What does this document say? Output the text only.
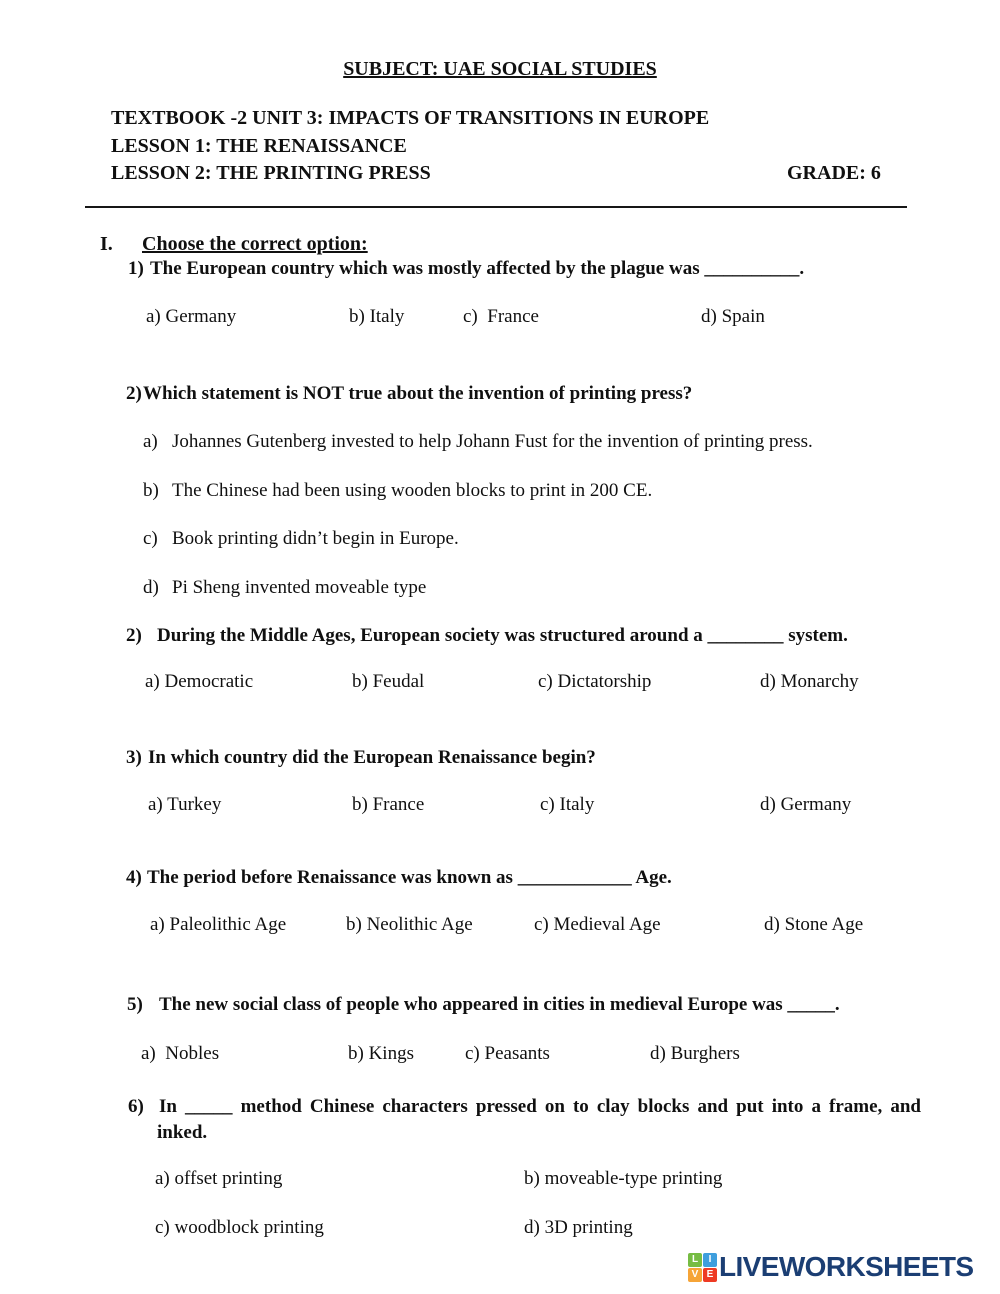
SUBJECT: UAE SOCIAL STUDIES
TEXTBOOK -2 UNIT 3: IMPACTS OF TRANSITIONS IN EUROPE
LESSON 1: THE RENAISSANCE
LESSON 2: THE PRINTING PRESS	GRADE: 6
I. Choose the correct option:
1) The European country which was mostly affected by the plague was __________.
a) Germany	b) Italy	c)  France	d) Spain
2) Which statement is NOT true about the invention of printing press?
a) Johannes Gutenberg invested to help Johann Fust for the invention of printing press.
b) The Chinese had been using wooden blocks to print in 200 CE.
c) Book printing didn’t begin in Europe.
d) Pi Sheng invented moveable type
2) During the Middle Ages, European society was structured around a ________ system.
a) Democratic	b) Feudal	c) Dictatorship	d) Monarchy
3) In which country did the European Renaissance begin?
a) Turkey	b) France	c) Italy	d) Germany
4) The period before Renaissance was known as ____________ Age.
a) Paleolithic Age	b) Neolithic Age	c) Medieval Age	d) Stone Age
5) The new social class of people who appeared in cities in medieval Europe was _____.
a)  Nobles	b) Kings	c) Peasants	d) Burghers
6) In _____ method Chinese characters pressed on to clay blocks and put into a frame, and
inked.
a) offset printing	b) moveable-type printing
c) woodblock printing	d) 3D printing
L	I
V E LIVEWORKSHEETS
